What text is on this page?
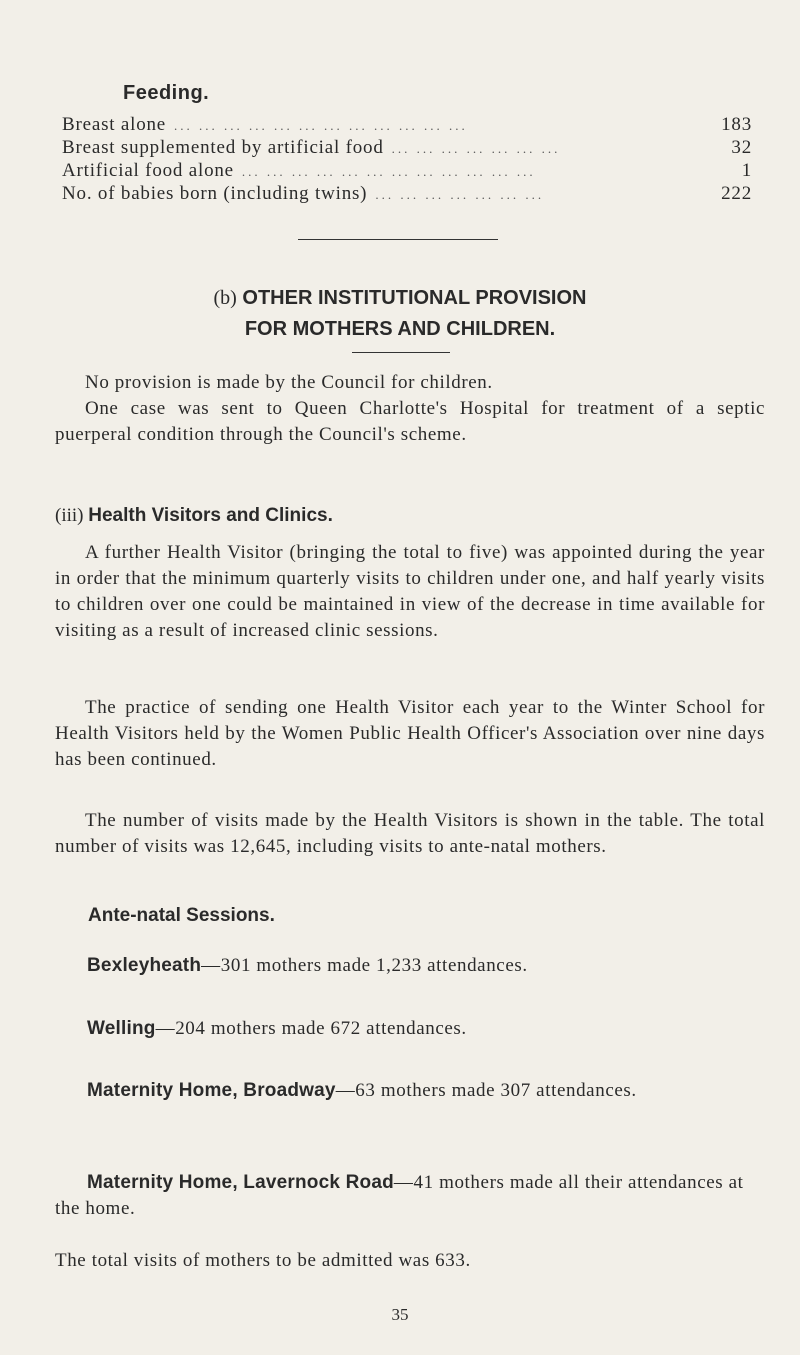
Feeding.
Breast alone ... ... ... ... ... ... ... ... ... ... ... ...	183
Breast supplemented by artificial food ... ... ... ... ... ... ...	32
Artificial food alone ... ... ... ... ... ... ... ... ... ... ... ...	1
No. of babies born (including twins) ... ... ... ... ... ... ...	222
(b) OTHER INSTITUTIONAL PROVISION
FOR MOTHERS AND CHILDREN.
No provision is made by the Council for children.
One case was sent to Queen Charlotte's Hospital for treatment of a septic puerperal condition through the Council's scheme.
(iii) Health Visitors and Clinics.
A further Health Visitor (bringing the total to five) was appointed during the year in order that the minimum quarterly visits to children under one, and half yearly visits to children over one could be maintained in view of the decrease in time available for visiting as a result of increased clinic sessions.
The practice of sending one Health Visitor each year to the Winter School for Health Visitors held by the Women Public Health Officer's Association over nine days has been continued.
The number of visits made by the Health Visitors is shown in the table. The total number of visits was 12,645, including visits to ante-natal mothers.
Ante-natal Sessions.
Bexleyheath—301 mothers made 1,233 attendances.
Welling—204 mothers made 672 attendances.
Maternity Home, Broadway—63 mothers made 307 attendances.
Maternity Home, Lavernock Road—41 mothers made all their attendances at the home.
The total visits of mothers to be admitted was 633.
35
